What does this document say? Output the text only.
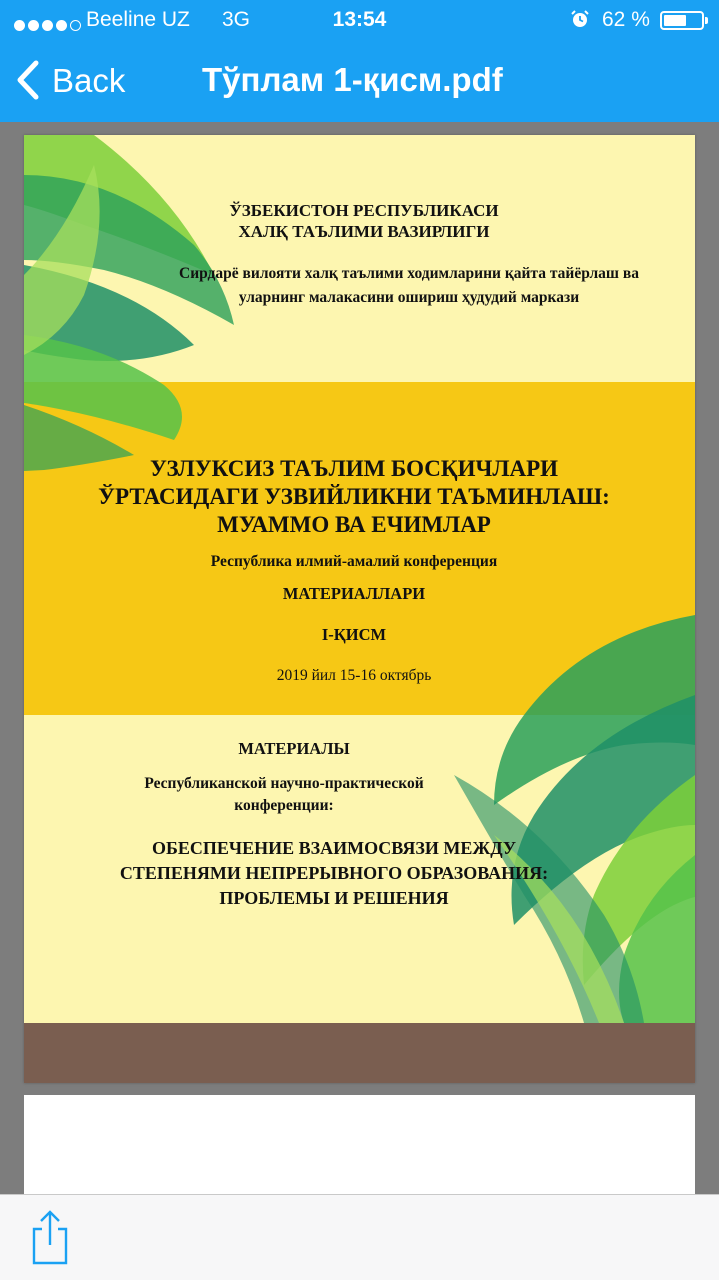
Beeline UZ 3G	13:54	62 %
Back Тўплам 1-қисм.pdf
ЎЗБЕКИСТОН РЕСПУБЛИКАСИ
ХАЛҚ ТАЪЛИМИ ВАЗИРЛИГИ
Сирдарё вилояти халқ таълими ходимларини қайта тайёрлаш ва уларнинг малакасини ошириш ҳудудий маркази
УЗЛУКСИЗ ТАЪЛИМ БОСҚИЧЛАРИ ЎРТАСИДАГИ УЗВИЙЛИКНИ ТАЪМИНЛАШ: МУАММО ВА ЕЧИМЛАР
Республика илмий-амалий конференция
МАТЕРИАЛЛАРИ
I-ҚИСМ
2019 йил 15-16 октябрь
МАТЕРИАЛЫ
Республиканской научно-практической конференции:
ОБЕСПЕЧЕНИЕ ВЗАИМОСВЯЗИ МЕЖДУ СТЕПЕНЯМИ НЕПРЕРЫВНОГО ОБРАЗОВАНИЯ: ПРОБЛЕМЫ И РЕШЕНИЯ
